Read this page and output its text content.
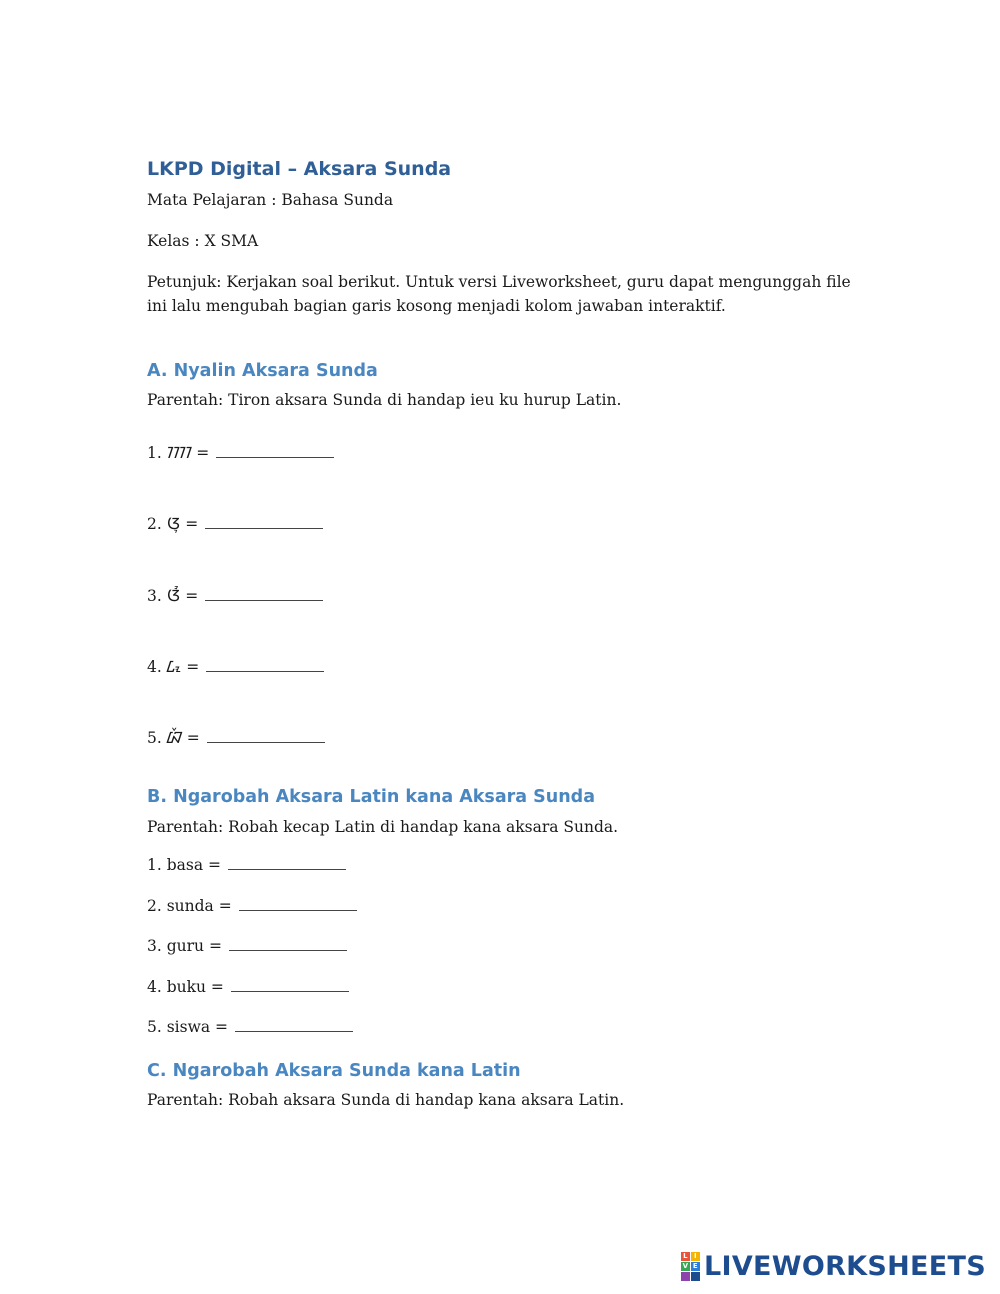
LKPD Digital – Aksara Sunda
Mata Pelajaran : Bahasa Sunda
Kelas : X SMA
Petunjuk: Kerjakan soal berikut. Untuk versi Liveworksheet, guru dapat mengunggah file ini lalu mengubah bagian garis kosong menjadi kolom jawaban interaktif.
A. Nyalin Aksara Sunda
Parentah: Tiron aksara Sunda di handap ieu ku hurup Latin.
1. ᮊᮊ =
2. ᮃᮥ =
3. ᮃᮤ =
4. ᮄᮧ =
5. ᮘᮨ =
B. Ngarobah Aksara Latin kana Aksara Sunda
Parentah: Robah kecap Latin di handap kana aksara Sunda.
1. basa =
2. sunda =
3. guru =
4. buku =
5. siswa =
C. Ngarobah Aksara Sunda kana Latin
Parentah: Robah aksara Sunda di handap kana aksara Latin.
L I
V E LIVEWORKSHEETS
